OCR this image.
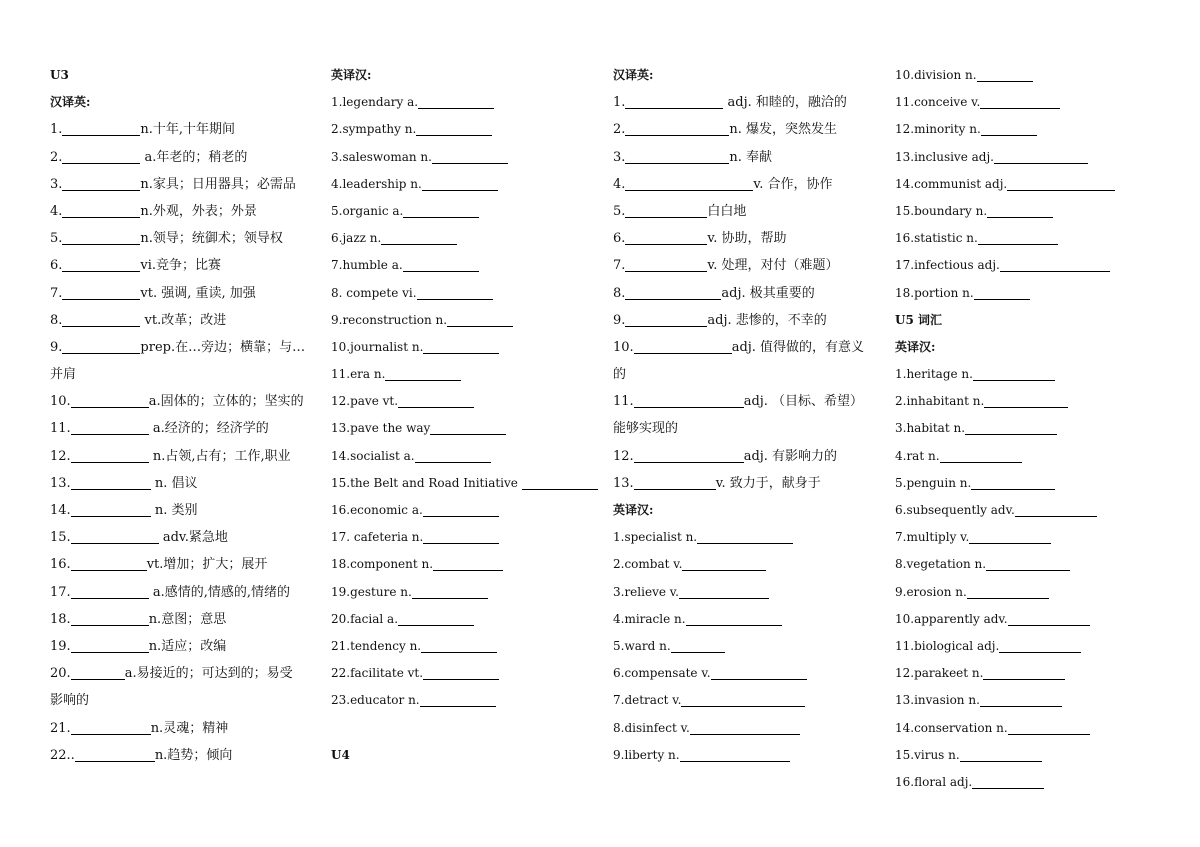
U3
汉译英:
1.	n.十年,十年期间
2.	a.年老的；稍老的
3.	n.家具；日用器具；必需品
4.	n.外观，外表；外景
5.	n.领导；统御术；领导权
6.	vi.竞争；比赛
7.	vt. 强调, 重读, 加强
8.	vt.改革；改进
9.	prep.在…旁边；横靠；与…
并肩
10.	a.固体的；立体的；坚实的
11.	a.经济的；经济学的
12.	n.占领,占有；工作,职业
13.	n. 倡议
14.	n. 类别
15.	adv.紧急地
16.	vt.增加；扩大；展开
17.	a.感情的,情感的,情绪的
18.	n.意图；意思
19.	n.适应；改编
20.	a.易接近的；可达到的；易受
影响的
21.	n.灵魂；精神
22..	n.趋势；倾向
英译汉:
1.legendary a.
2.sympathy n.
3.saleswoman n.
4.leadership n.
5.organic a.
6.jazz n.
7.humble a.
8. compete vi.
9.reconstruction n.
10.journalist n.
11.era n.
12.pave vt.
13.pave the way
14.socialist a.
15.the Belt and Road Initiative
16.economic a.
17. cafeteria n.
18.component n.
19.gesture n.
20.facial a.
21.tendency n.
22.facilitate vt.
23.educator n.
U4
汉译英:
1.	adj. 和睦的，融洽的
2.	n. 爆发，突然发生
3.	n. 奉献
4.	v. 合作，协作
5.	白白地
6.	v. 协助，帮助
7.	v. 处理，对付（难题）
8.	adj. 极其重要的
9.	adj. 悲惨的，不幸的
10.	adj. 值得做的，有意义
的
11.	adj. （目标、希望）
能够实现的
12.	adj. 有影响力的
13.	v. 致力于，献身于
英译汉:
1.specialist n.
2.combat v.
3.relieve v.
4.miracle n.
5.ward n.
6.compensate v.
7.detract v.
8.disinfect v.
9.liberty n.
10.division n.
11.conceive v.
12.minority n.
13.inclusive adj.
14.communist adj.
15.boundary n.
16.statistic n.
17.infectious adj.
18.portion n.
U5 词汇
英译汉:
1.heritage n.
2.inhabitant n.
3.habitat n.
4.rat n.
5.penguin n.
6.subsequently adv.
7.multiply v.
8.vegetation n.
9.erosion n.
10.apparently adv.
11.biological adj.
12.parakeet n.
13.invasion n.
14.conservation n.
15.virus n.
16.floral adj.
